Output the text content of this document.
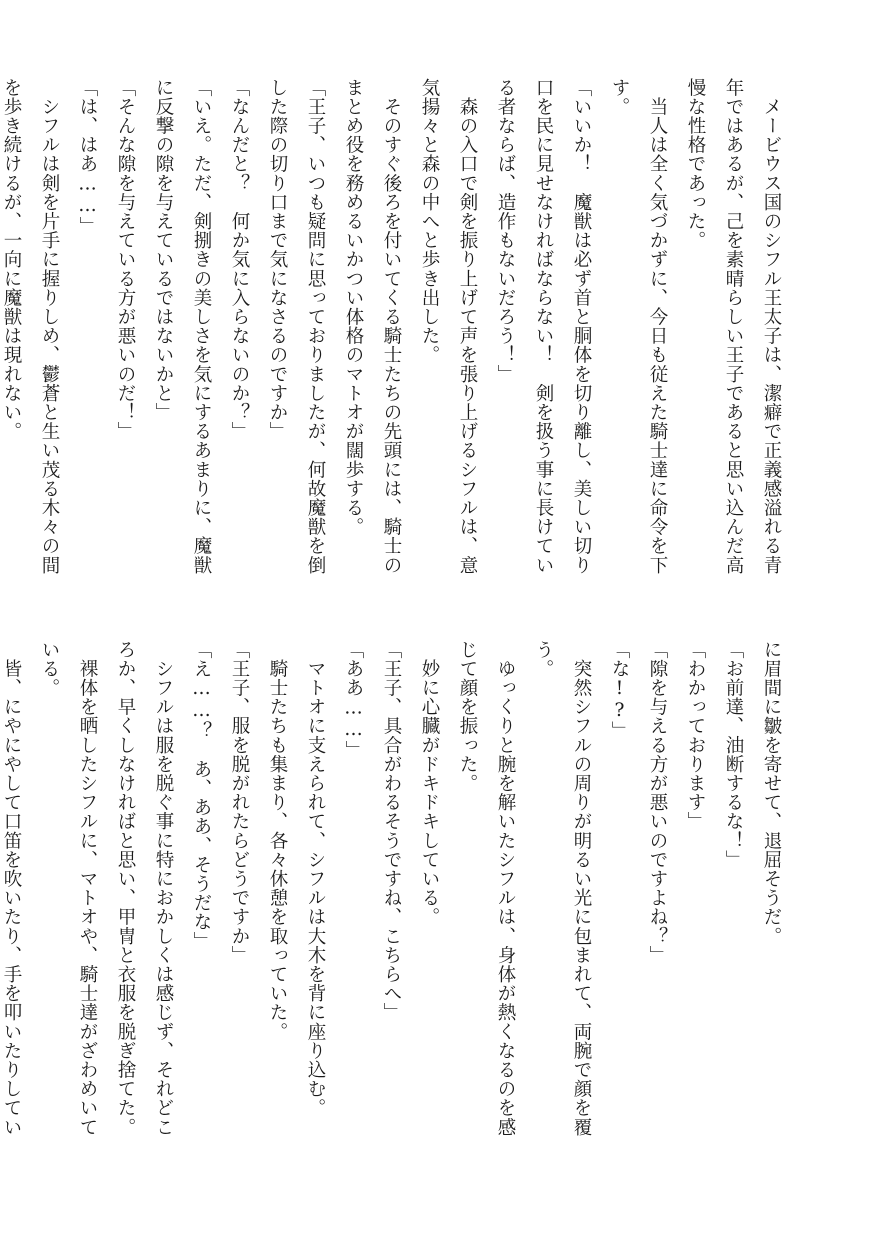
　メービウス国のシフル王太子は、潔癖で正義感溢れる青
年ではあるが、己を素晴らしい王子であると思い込んだ高
慢な性格であった。
　当人は全く気づかずに、今日も従えた騎士達に命令を下
す。
「いいか！　魔獣は必ず首と胴体を切り離し、美しい切り
口を民に見せなければならない！　剣を扱う事に長けてい
る者ならば、造作もないだろう！」
　森の入口で剣を振り上げて声を張り上げるシフルは、意
気揚々と森の中へと歩き出した。
　そのすぐ後ろを付いてくる騎士たちの先頭には、騎士の
まとめ役を務めるいかつい体格のマトオが闊歩する。
「王子、いつも疑問に思っておりましたが、何故魔獣を倒
した際の切り口まで気になさるのですか」
「なんだと？　何か気に入らないのか？」
「いえ。ただ、剣捌きの美しさを気にするあまりに、魔獣
に反撃の隙を与えているではないかと」
「そんな隙を与えている方が悪いのだ！」
「は、はあ……」
　シフルは剣を片手に握りしめ、鬱蒼と生い茂る木々の間
を歩き続けるが、一向に魔獣は現れない。
に眉間に皺を寄せて、退屈そうだ。
「お前達、油断するな！」
「わかっております」
「隙を与える方が悪いのですよね？」
「な!?」
　突然シフルの周りが明るい光に包まれて、両腕で顔を覆
う。
　ゆっくりと腕を解いたシフルは、身体が熱くなるのを感
じて顔を振った。
　妙に心臓がドキドキしている。
「王子、具合がわるそうですね、こちらへ」
「ああ……」
　マトオに支えられて、シフルは大木を背に座り込む。
　騎士たちも集まり、各々休憩を取っていた。
「王子、服を脱がれたらどうですか」
「え……？　あ、ああ、そうだな」
　シフルは服を脱ぐ事に特におかしくは感じず、それどこ
ろか、早くしなければと思い、甲冑と衣服を脱ぎ捨てた。
　裸体を晒したシフルに、マトオや、騎士達がざわめいて
いる。
　皆、にやにやして口笛を吹いたり、手を叩いたりしてい
